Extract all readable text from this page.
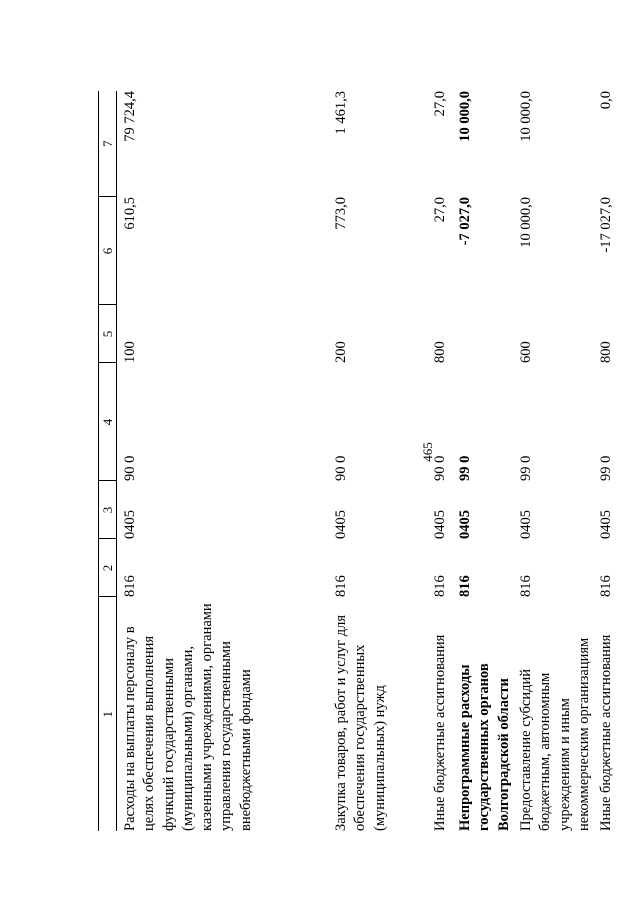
465
1	2	3	4	5	6	7

Расходы на выплаты персоналу в целях обеспечения выполнения функций государственными (муниципальными) органами, казенными учреждениями, органами управления государственными внебюджетными фондами	816	0405	90 0	100	610,5	79 724,4
Закупка товаров, работ и услуг для обеспечения государственных (муниципальных) нужд	816	0405	90 0	200	773,0	1 461,3
Иные бюджетные ассигнования	816	0405	90 0	800	27,0	27,0
Непрограммные расходы государственных органов Волгоградской области	816	0405	99 0		-7 027,0	10 000,0
Предоставление субсидий бюджетным, автономным учреждениям и иным некоммерческим организациям	816	0405	99 0	600	10 000,0	10 000,0
Иные бюджетные ассигнования	816	0405	99 0	800	-17 027,0	0,0
